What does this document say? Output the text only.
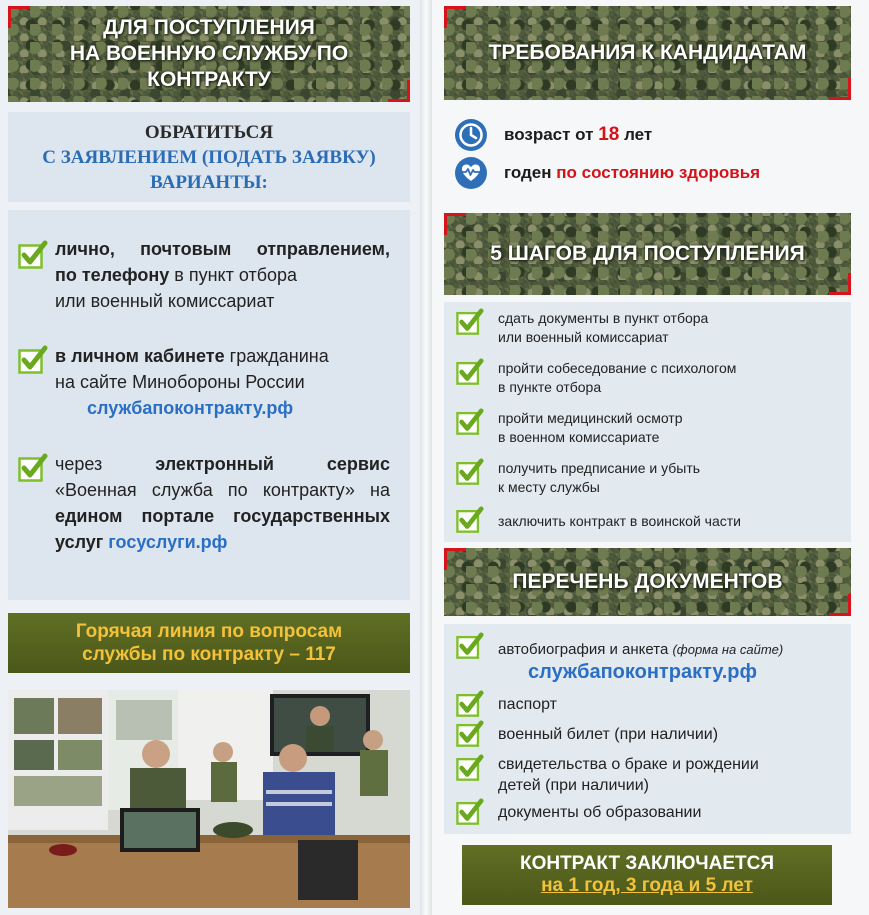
ДЛЯ ПОСТУПЛЕНИЯ
НА ВОЕННУЮ СЛУЖБУ ПО
КОНТРАКТУ
ОБРАТИТЬСЯ
С ЗАЯВЛЕНИЕМ (ПОДАТЬ ЗАЯВКУ)
ВАРИАНТЫ:
лично, почтовым отправлением,
по телефону в пункт отбора
или военный комиссариат
в личном кабинете гражданина
на сайте Минобороны России
службапоконтракту.рф
через	электронный	сервис
«Военная служба по контракту» на
едином портале государственных
услуг госуслуги.рф
Горячая линия по вопросам
службы по контракту – 117
ТРЕБОВАНИЯ К КАНДИДАТАМ
возраст от 18 лет
годен по состоянию здоровья
5 ШАГОВ ДЛЯ ПОСТУПЛЕНИЯ
сдать документы в пункт отбора
или военный комиссариат
пройти собеседование с психологом
в пункте отбора
пройти медицинский осмотр
в военном комиссариате
получить предписание и убыть
к месту службы
заключить контракт в воинской части
ПЕРЕЧЕНЬ ДОКУМЕНТОВ
автобиография и анкета (форма на сайте)
службапоконтракту.рф
паспорт
военный билет (при наличии)
свидетельства о браке и рождении
детей (при наличии)
документы об образовании
КОНТРАКТ ЗАКЛЮЧАЕТСЯ
на 1 год, 3 года и 5 лет
